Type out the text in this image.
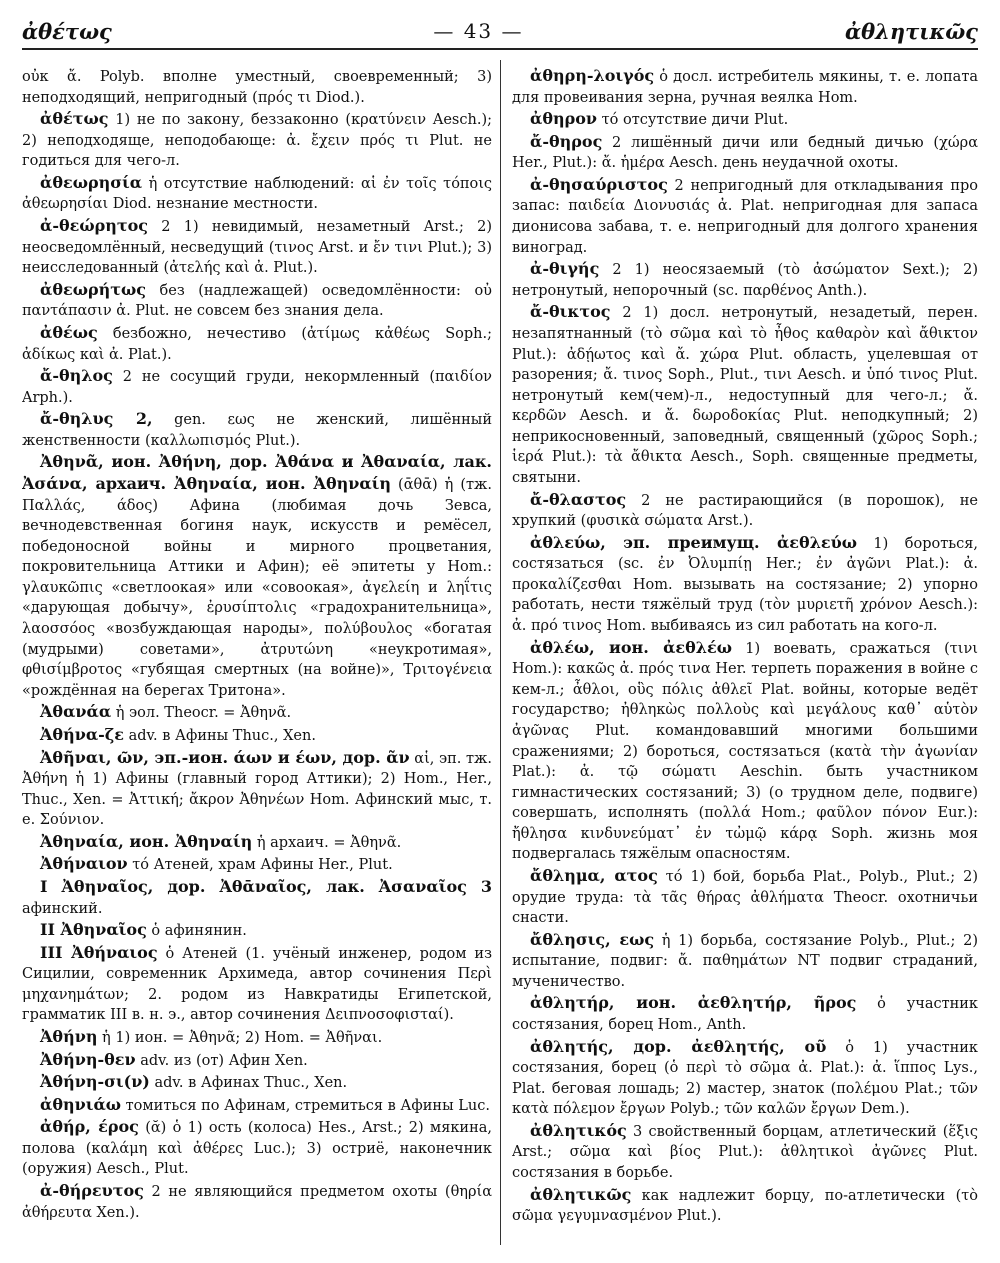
ἀθέτως	— 43 —	ἀθλητικῶς

οὐκ ἄ. Polyb. вполне уместный, своевременный; 3) неподходящий, непригодный (πρός τι Diod.).

ἀθέτως 1) не по закону, беззаконно (κρατύνειν Aesch.); 2) неподходяще, неподобающе: ἀ. ἔχειν πρός τι Plut. не годиться для чего-л.

ἀθεωρησία ἡ отсутствие наблюдений: αἱ ἐν τοῖς τόποις ἀθεωρησίαι Diod. незнание местности.

ἀ-θεώρητος 2 1) невидимый, незаметный Arst.; 2) неосведомлённый, несведущий (τινος Arst. и ἔν τινι Plut.); 3) неисследованный (ἀτελής καὶ ἀ. Plut.).

ἀθεωρήτως без (надлежащей) осведомлённости: οὐ παντάπασιν ἀ. Plut. не совсем без знания дела.

ἀθέως безбожно, нечестиво (ἀτίμως κἀθέως Soph.; ἀδίκως καὶ ἀ. Plat.).

ἄ-θηλος 2 не сосущий груди, некормленный (παιδίον Arph.).

ἄ-θηλυς 2, gen. εως не женский, лишённый женственности (καλλωπισμός Plut.).

Ἀθηνᾶ, ион. Ἀθήνη, дор. Ἀθάνα и Ἀθαναία, лак. Ἀσάνα, архаич. Ἀθηναία, ион. Ἀθηναίη (ᾱθᾱ) ἡ (тж. Παλλάς, άδος) Афина (любимая дочь Зевса, вечнодевственная богиня наук, искусств и ремёсел, победоносной войны и мирного процветания, покровительница Аттики и Афин); её эпитеты у Hom.: γλαυκῶπις «светлоокая» или «совоокая», ἀγελείη и ληΐτις «дарующая добычу», ἐρυσίπτολις «градохранительница», λαοσσόος «возбуждающая народы», πολύβουλος «богатая (мудрыми) советами», ἀτρυτώνη «неукротимая», φθισίμβροτος «губящая смертных (на войне)», Τριτογένεια «рождённая на берегах Тритона».

Ἀθανάα ἡ эол. Theocr. = Ἀθηνᾶ.

Ἀθήνα-ζε adv. в Афины Thuc., Xen.

Ἀθῆναι, ῶν, эп.-ион. άων и έων, дор. ᾶν αἱ, эп. тж. Ἀθήνη ἡ 1) Афины (главный город Аттики); 2) Hom., Her., Thuc., Xen. = Ἀττική; ἄκρον Ἀθηνέων Hom. Афинский мыс, т. е. Σούνιον.

Ἀθηναία, ион. Ἀθηναίη ἡ архаич. = Ἀθηνᾶ.

Ἀθήναιον τό Атеней, храм Афины Her., Plut.

I Ἀθηναῖος, дор. Ἀθᾱναῖος, лак. Ἀσαναῖος 3 афинский.

II Ἀθηναῖος ὁ афинянин.

III Ἀθήναιος ὁ Атеней (1. учёный инженер, родом из Сицилии, современник Архимеда, автор сочинения Περὶ μηχανημάτων; 2. родом из Навкратиды Египетской, грамматик III в. н. э., автор сочинения Δειπνοσοφισταί).

Ἀθήνη ἡ 1) ион. = Ἀθηνᾶ; 2) Hom. = Ἀθῆναι.

Ἀθήνη-θεν adv. из (от) Афин Xen.

Ἀθήνη-σι(ν) adv. в Афинах Thuc., Xen.

ἀθηνιάω томиться по Афинам, стремиться в Афины Luc.

ἀθήρ, έρος (ᾰ) ὁ 1) ость (колоса) Hes., Arst.; 2) мякина, полова (καλάμη καὶ ἀθέρες Luc.); 3) остриё, наконечник (оружия) Aesch., Plut.

ἀ-θήρευτος 2 не являющийся предметом охоты (θηρία ἀθήρευτα Xen.).

ἀθηρη-λοιγός ὁ досл. истребитель мякины, т. е. лопата для провеивания зерна, ручная веялка Hom.

ἀθηρον τό отсутствие дичи Plut.

ἄ-θηρος 2 лишённый дичи или бедный дичью (χώρα Her., Plut.): ἄ. ἡμέρα Aesch. день неудачной охоты.

ἀ-θησαύριστος 2 непригодный для откладывания про запас: παιδεία Διονυσιάς ἀ. Plat. непригодная для запаса дионисова забава, т. е. непригодный для долгого хранения виноград.

ἀ-θιγής 2 1) неосязаемый (τὸ ἀσώματον Sext.); 2) нетронутый, непорочный (sc. παρθένος Anth.).

ἄ-θικτος 2 1) досл. нетронутый, незадетый, перен. незапятнанный (τὸ σῶμα καὶ τὸ ἦθος καθαρὸν καὶ ἄθικτον Plut.): ἀδῄωτος καὶ ἄ. χώρα Plut. область, уцелевшая от разорения; ἄ. τινος Soph., Plut., τινι Aesch. и ὑπό τινος Plut. нетронутый кем(чем)-л., недоступный для чего-л.; ἄ. κερδῶν Aesch. и ἄ. δωροδοκίας Plut. неподкупный; 2) неприкосновенный, заповедный, священный (χῶρος Soph.; ἱερά Plut.): τὰ ἄθικτα Aesch., Soph. священные предметы, святыни.

ἄ-θλαστος 2 не растирающийся (в порошок), не хрупкий (φυσικὰ σώματα Arst.).

ἀθλεύω, эп. преимущ. ἀεθλεύω 1) бороться, состязаться (sc. ἐν Ὀλυμπίῃ Her.; ἐν ἀγῶνι Plat.): ἀ. προκαλίζεσθαι Hom. вызывать на состязание; 2) упорно работать, нести тяжёлый труд (τὸν μυριετῆ χρόνον Aesch.): ἀ. πρό τινος Hom. выбиваясь из сил работать на кого-л.

ἀθλέω, ион. ἀεθλέω 1) воевать, сражаться (τινι Hom.): κακῶς ἀ. πρός τινα Her. терпеть поражения в войне с кем-л.; ἆθλοι, οὓς πόλις ἀθλεῖ Plat. войны, которые ведёт государство; ἠθληκὼς πολλοὺς καὶ μεγάλους καθ᾽ αὑτὸν ἀγῶνας Plut. командовавший многими большими сражениями; 2) бороться, состязаться (κατὰ τὴν ἀγωνίαν Plat.): ἀ. τῷ σώματι Aeschin. быть участником гимнастических состязаний; 3) (о трудном деле, подвиге) совершать, исполнять (πολλά Hom.; φαῦλον πόνον Eur.): ἤθλησα κινδυνεύματ᾽ ἐν τὠμῷ κάρᾳ Soph. жизнь моя подвергалась тяжёлым опасностям.

ἄθλημα, ατος τό 1) бой, борьба Plat., Polyb., Plut.; 2) орудие труда: τὰ τᾶς θήρας ἀθλήματα Theocr. охотничьи снасти.

ἄθλησις, εως ἡ 1) борьба, состязание Polyb., Plut.; 2) испытание, подвиг: ἄ. παθημάτων NT подвиг страданий, мученичество.

ἀθλητήρ, ион. ἀεθλητήρ, ῆρος ὁ участник состязания, борец Hom., Anth.

ἀθλητής, дор. ἀεθλητής, οῦ ὁ 1) участник состязания, борец (ὁ περὶ τὸ σῶμα ἀ. Plat.): ἀ. ἵππος Lys., Plat. беговая лошадь; 2) мастер, знаток (πολέμου Plat.; τῶν κατὰ πόλεμον ἔργων Polyb.; τῶν καλῶν ἔργων Dem.).

ἀθλητικός 3 свойственный борцам, атлетический (ἕξις Arst.; σῶμα καὶ βίος Plut.): ἀθλητικοὶ ἀγῶνες Plut. состязания в борьбе.

ἀθλητικῶς как надлежит борцу, по-атлетически (τὸ σῶμα γεγυμνασμένον Plut.).
